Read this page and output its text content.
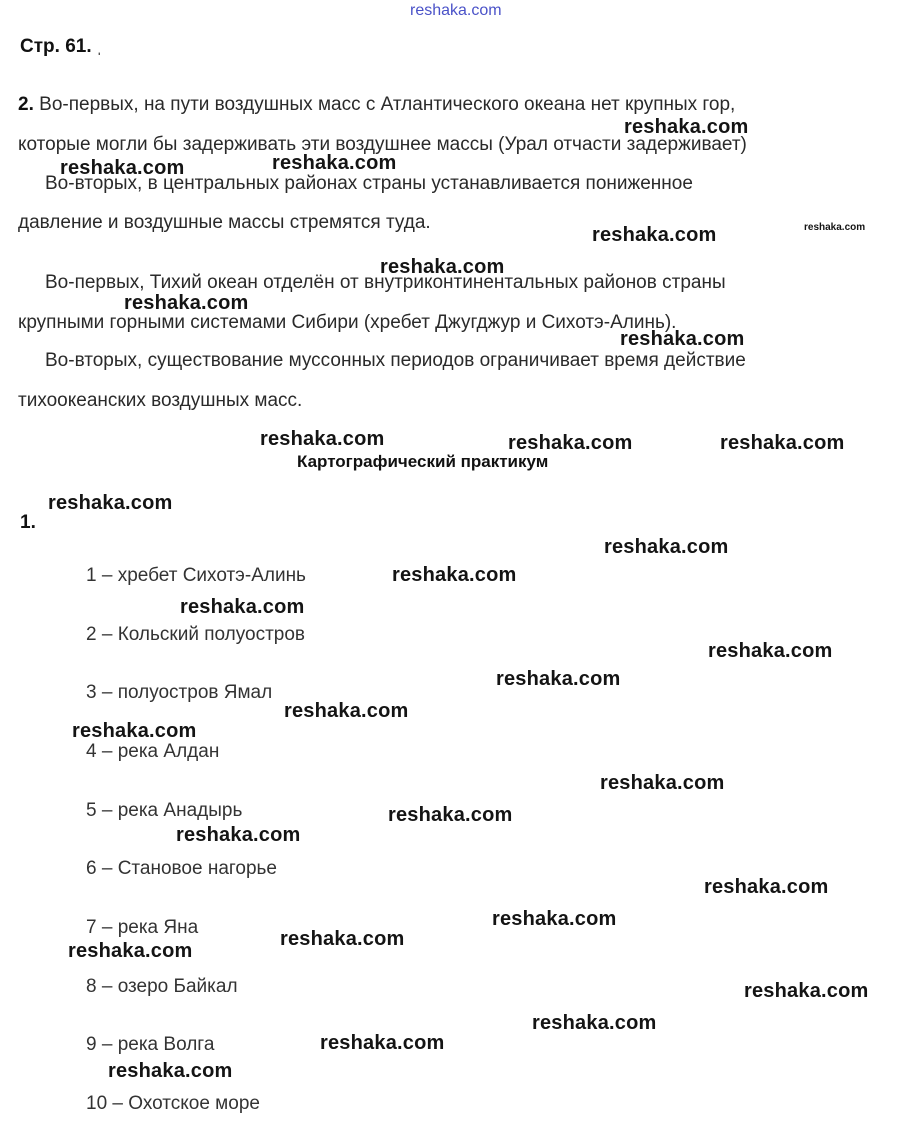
reshaka.com
Стр. 61. ˌ
2. Во-первых, на пути воздушных масс с Атлантического океана нет крупных гор,
которые могли бы задерживать эти воздушнее массы (Урал отчасти задерживает)
Во-вторых, в центральных районах страны устанавливается пониженное
давление и воздушные массы стремятся туда.
Во-первых, Тихий океан отделён от внутриконтинентальных районов страны
крупными горными системами Сибири (хребет Джугджур и Сихотэ-Алинь).
Во-вторых, существование муссонных периодов ограничивает время действие
тихоокеанских воздушных масс.
Картографический практикум
1.
1 – хребет Сихотэ-Алинь
2 – Кольский полуостров
3 – полуостров Ямал
4 – река Алдан
5 – река Анадырь
6 – Становое нагорье
7 – река Яна
8 – озеро Байкал
9 – река Волга
10 – Охотское море
reshaka.com
reshaka.com
reshaka.com
reshaka.com	reshaka.com
reshaka.com
reshaka.com
reshaka.com
reshaka.com	reshaka.com	reshaka.com
reshaka.com
reshaka.com
reshaka.com
reshaka.com
reshaka.com
reshaka.com
reshaka.com
reshaka.com
reshaka.com
reshaka.com
reshaka.com
reshaka.com
reshaka.com
reshaka.com
reshaka.com
reshaka.com
reshaka.com
reshaka.com
reshaka.com
